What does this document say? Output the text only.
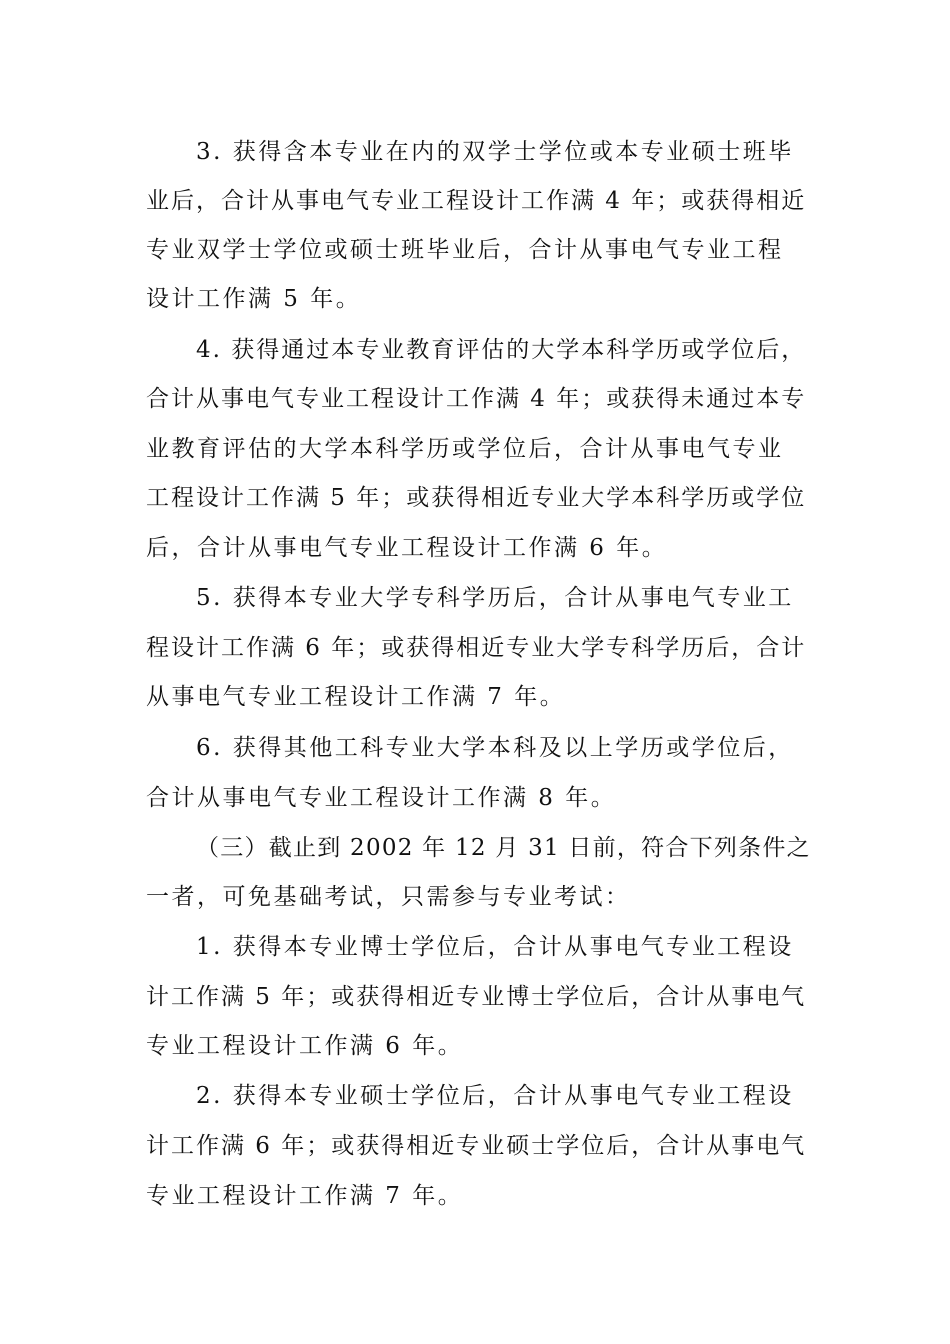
3. 获得含本专业在内的双学士学位或本专业硕士班毕
业后，合计从事电气专业工程设计工作满 4 年；或获得相近
专业双学士学位或硕士班毕业后，合计从事电气专业工程
设计工作满 5 年。
4. 获得通过本专业教育评估的大学本科学历或学位后，
合计从事电气专业工程设计工作满 4 年；或获得未通过本专
业教育评估的大学本科学历或学位后，合计从事电气专业
工程设计工作满 5 年；或获得相近专业大学本科学历或学位
后，合计从事电气专业工程设计工作满 6 年。
5. 获得本专业大学专科学历后，合计从事电气专业工
程设计工作满 6 年；或获得相近专业大学专科学历后，合计
从事电气专业工程设计工作满 7 年。
6. 获得其他工科专业大学本科及以上学历或学位后，
合计从事电气专业工程设计工作满 8 年。
（三）截止到 2002 年 12 月 31 日前，符合下列条件之
一者，可免基础考试，只需参与专业考试：
1. 获得本专业博士学位后，合计从事电气专业工程设
计工作满 5 年；或获得相近专业博士学位后，合计从事电气
专业工程设计工作满 6 年。
2. 获得本专业硕士学位后，合计从事电气专业工程设
计工作满 6 年；或获得相近专业硕士学位后，合计从事电气
专业工程设计工作满 7 年。
